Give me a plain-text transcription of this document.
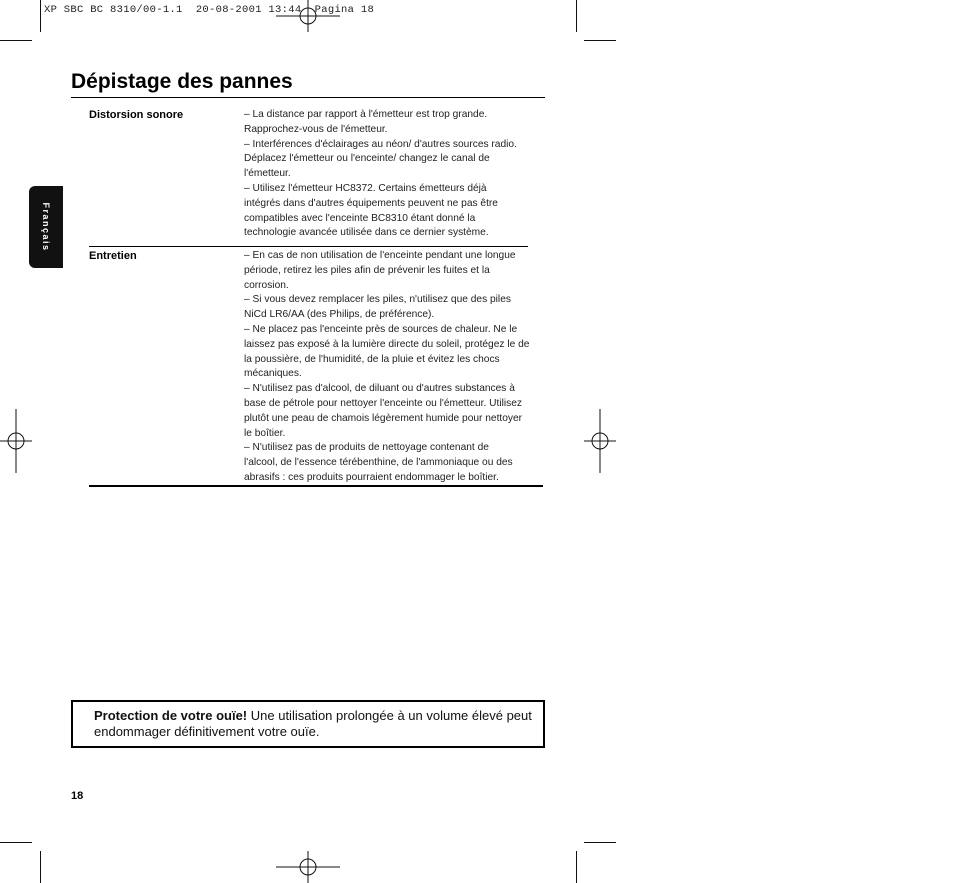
XP SBC BC 8310/00-1.1  20-08-2001 13:44  Pagina 18
Français
Dépistage des pannes
Distorsion sonore	– La distance par rapport à l'émetteur est trop grande.

Rapprochez-vous de l'émetteur.

– Interférences d'éclairages au néon/ d'autres sources radio.

Déplacez l'émetteur ou l'enceinte/ changez le canal de

l'émetteur.

– Utilisez l'émetteur HC8372. Certains émetteurs déjà

intégrés dans d'autres équipements peuvent ne pas être

compatibles avec l'enceinte BC8310 étant donné la

technologie avancée utilisée dans ce dernier système.

Entretien	– En cas de non utilisation de l'enceinte pendant une longue

période, retirez les piles afin de prévenir les fuites et la

corrosion.

– Si vous devez remplacer les piles, n'utilisez que des piles

NiCd LR6/AA (des Philips, de préférence).

– Ne placez pas l'enceinte près de sources de chaleur. Ne le

laissez pas exposé à la lumière directe du soleil, protégez le de

la poussière, de l'humidité, de la pluie et évitez les chocs

mécaniques.

– N'utilisez pas d'alcool, de diluant ou d'autres substances à

base de pétrole pour nettoyer l'enceinte ou l'émetteur. Utilisez

plutôt une peau de chamois légèrement humide pour nettoyer

le boîtier.

– N'utilisez pas de produits de nettoyage contenant de

l'alcool, de l'essence térébenthine, de l'ammoniaque ou des

abrasifs : ces produits pourraient endommager le boîtier.

Protection de votre ouïe! Une utilisation prolongée à un volume élevé peut endommager définitivement votre ouïe.
18
